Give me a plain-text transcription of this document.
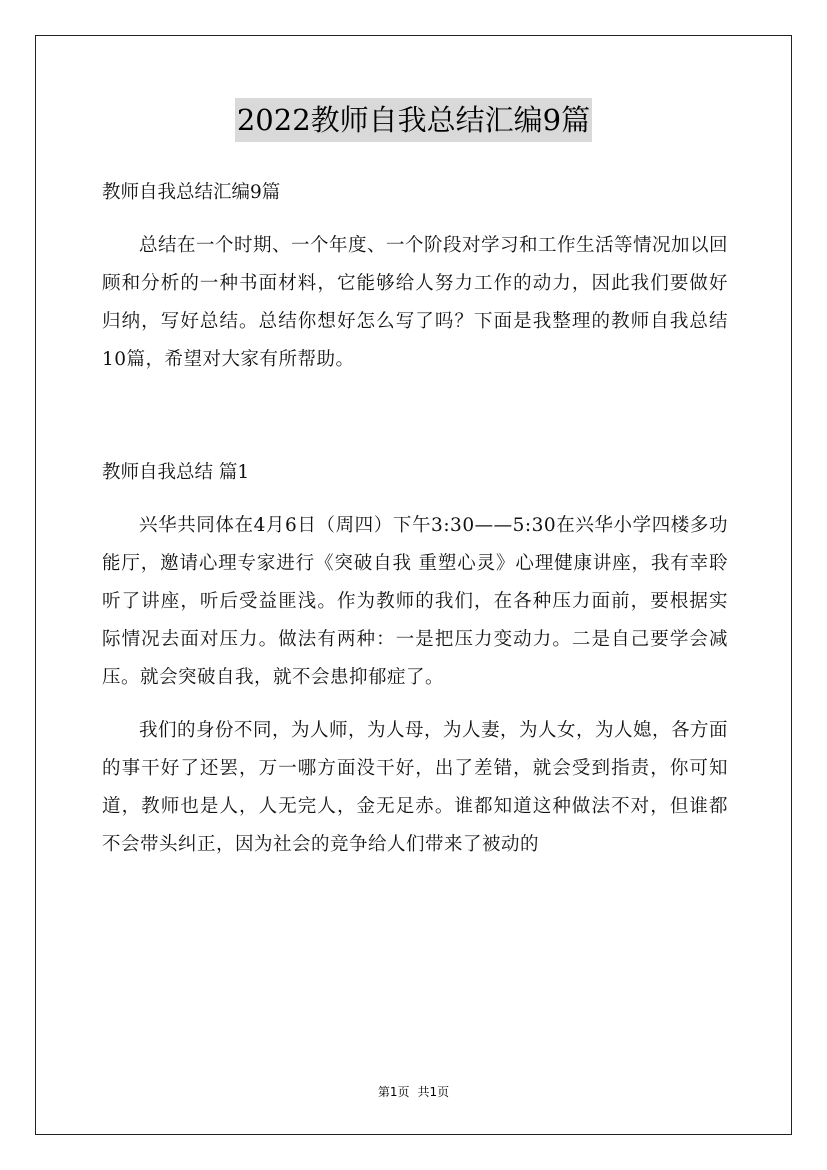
2022教师自我总结汇编9篇

教师自我总结汇编9篇

总结在一个时期、一个年度、一个阶段对学习和工作生活等情况加以回顾和分析的一种书面材料，它能够给人努力工作的动力，因此我们要做好归纳，写好总结。总结你想好怎么写了吗？下面是我整理的教师自我总结10篇，希望对大家有所帮助。

教师自我总结 篇1

兴华共同体在4月6日（周四）下午3:30——5:30在兴华小学四楼多功能厅，邀请心理专家进行《突破自我 重塑心灵》心理健康讲座，我有幸聆听了讲座，听后受益匪浅。作为教师的我们，在各种压力面前，要根据实际情况去面对压力。做法有两种：一是把压力变动力。二是自己要学会减压。就会突破自我，就不会患抑郁症了。

我们的身份不同，为人师，为人母，为人妻，为人女，为人媳，各方面的事干好了还罢，万一哪方面没干好，出了差错，就会受到指责，你可知道，教师也是人，人无完人，金无足赤。谁都知道这种做法不对，但谁都不会带头纠正，因为社会的竞争给人们带来了被动的

第1页 共1页
